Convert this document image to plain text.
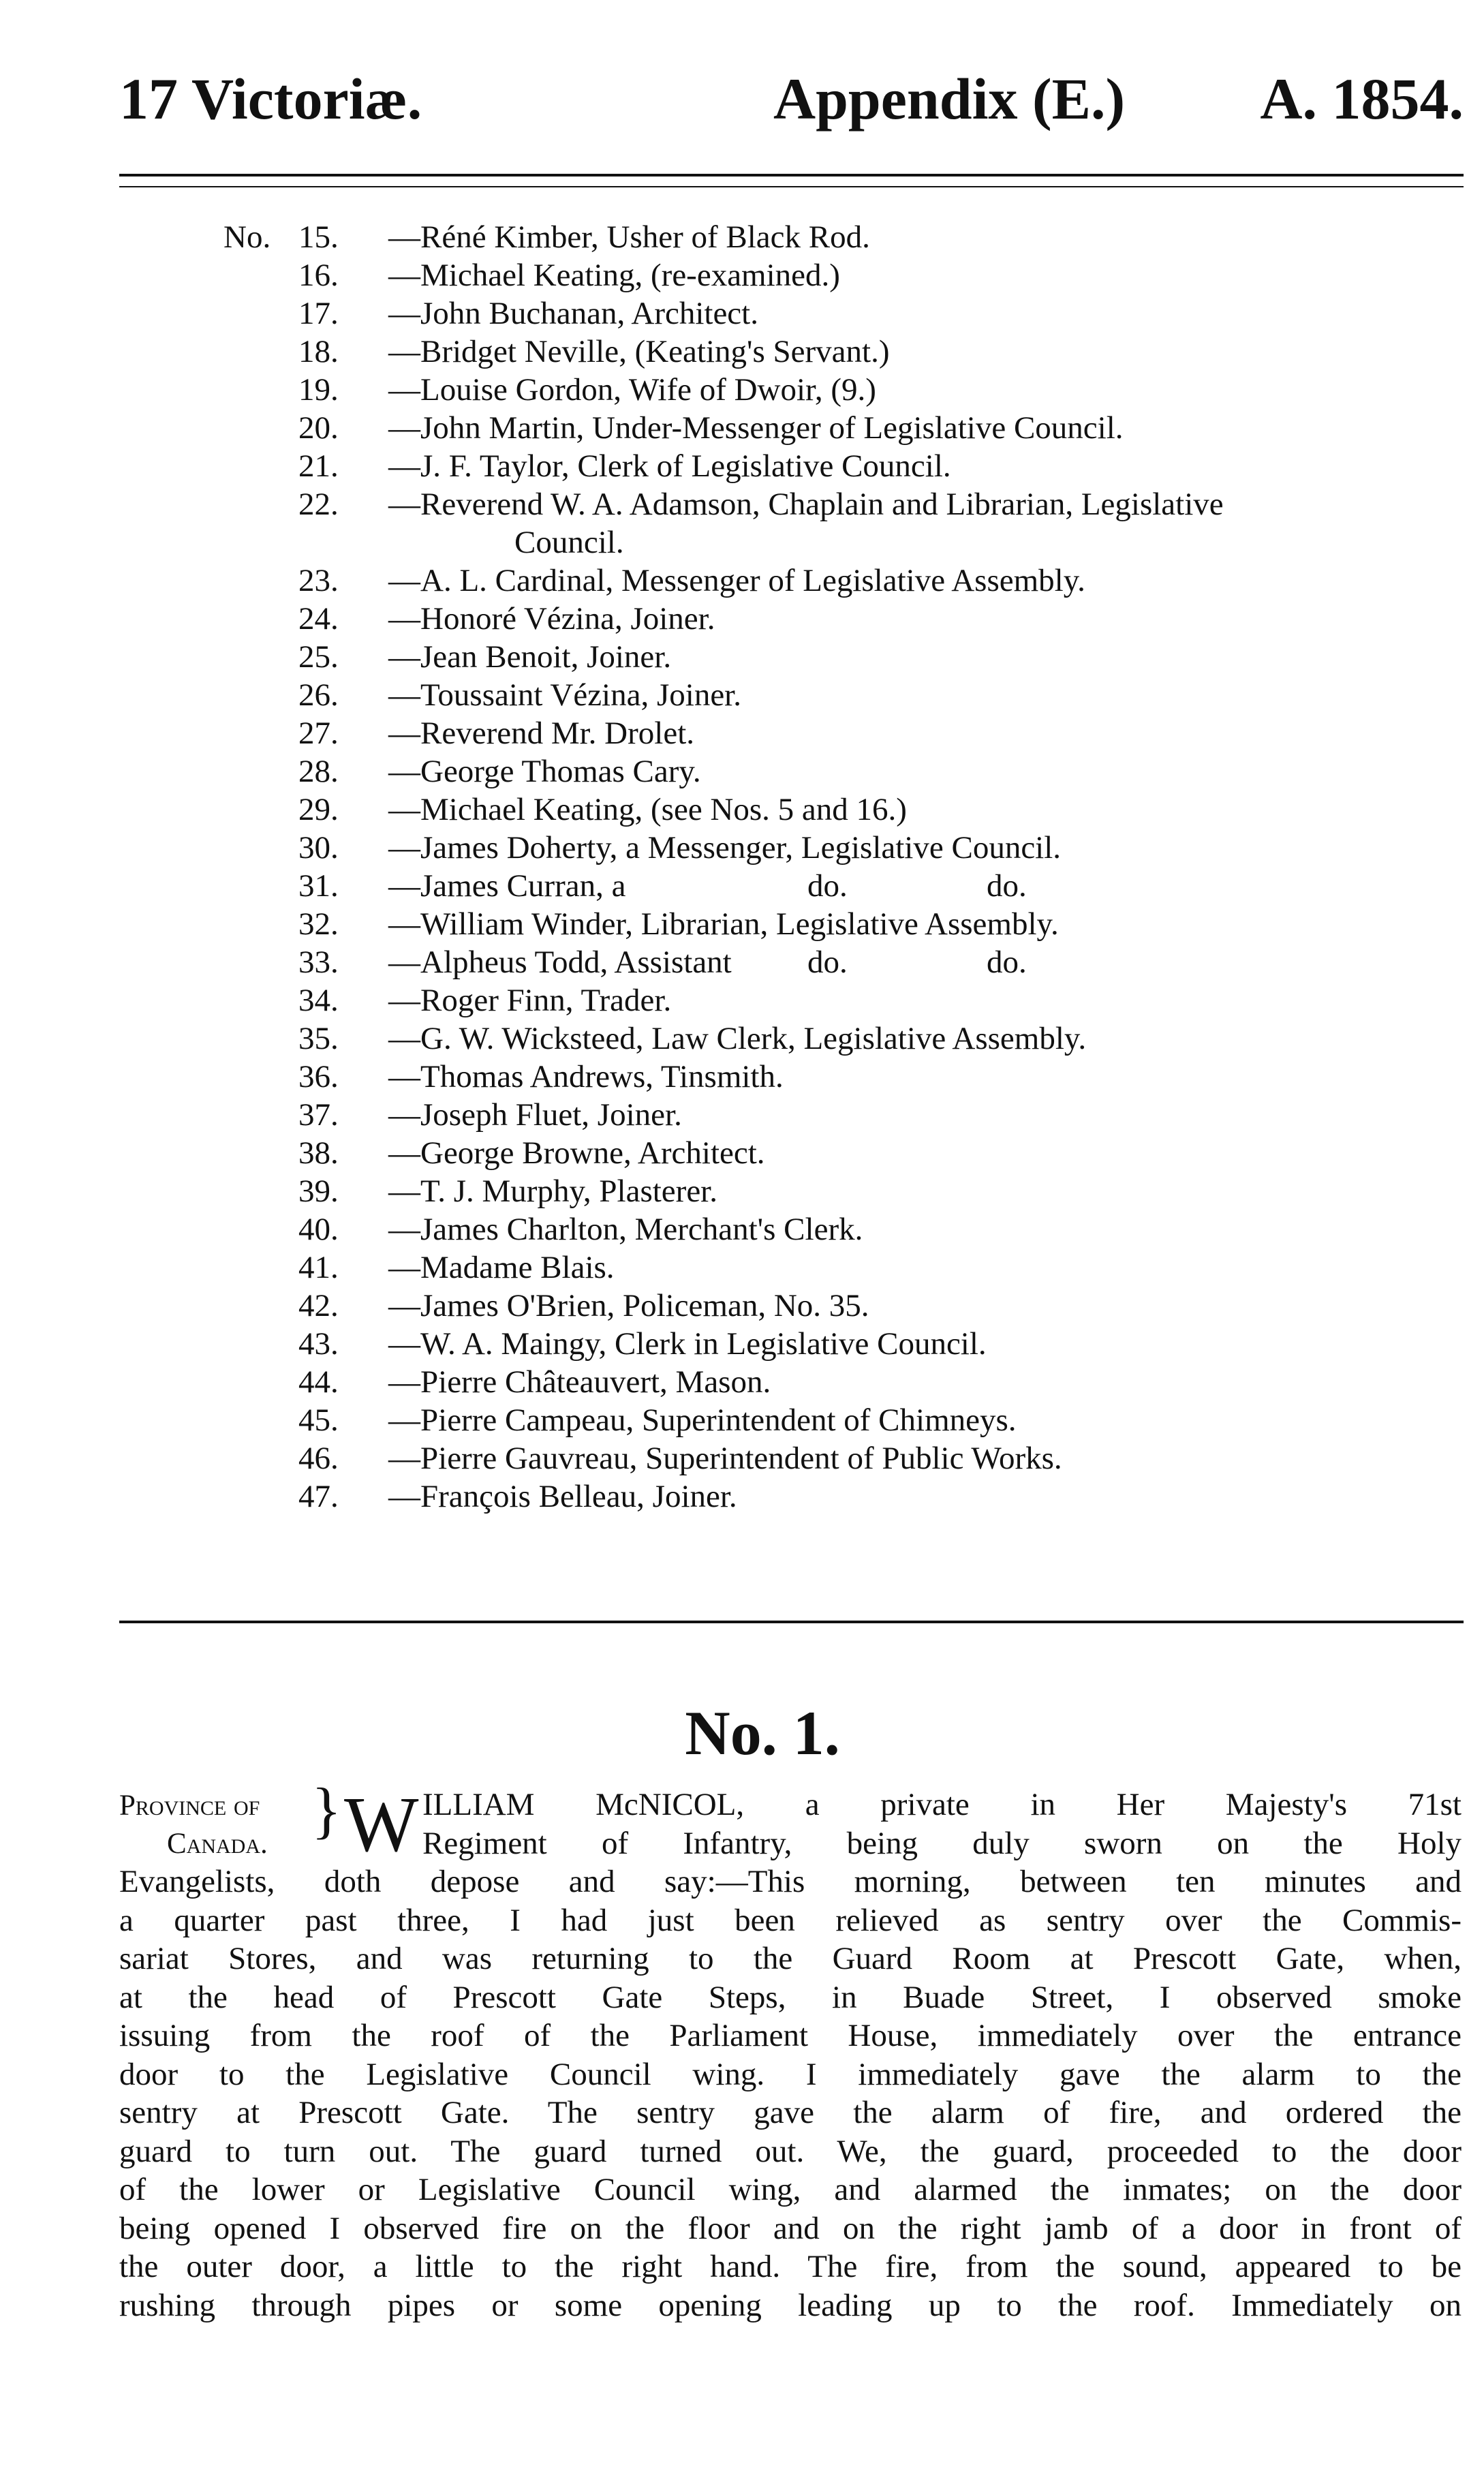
17 Victoriæ.	Appendix (E.) A. 1854.
No. 15. —Réné Kimber, Usher of Black Rod.
16. —Michael Keating, (re-examined.)
17. —John Buchanan, Architect.
18. —Bridget Neville, (Keating's Servant.)
19. —Louise Gordon, Wife of Dwoir, (9.)
20. —John Martin, Under-Messenger of Legislative Council.
21. —J. F. Taylor, Clerk of Legislative Council.
22. —Reverend W. A. Adamson, Chaplain and Librarian, Legislative
Council.
23. —A. L. Cardinal, Messenger of Legislative Assembly.
24. —Honoré Vézina, Joiner.
25. —Jean Benoit, Joiner.
26. —Toussaint Vézina, Joiner.
27. —Reverend Mr. Drolet.
28. —George Thomas Cary.
29. —Michael Keating, (see Nos. 5 and 16.)
30. —James Doherty, a Messenger, Legislative Council.
31. —James Curran, a	do.	do.
32. —William Winder, Librarian, Legislative Assembly.
33. —Alpheus Todd, Assistant do.	do.
34. —Roger Finn, Trader.
35. —G. W. Wicksteed, Law Clerk, Legislative Assembly.
36. —Thomas Andrews, Tinsmith.
37. —Joseph Fluet, Joiner.
38. —George Browne, Architect.
39. —T. J. Murphy, Plasterer.
40. —James Charlton, Merchant's Clerk.
41. —Madame Blais.
42. —James O'Brien, Policeman, No. 35.
43. —W. A. Maingy, Clerk in Legislative Council.
44. —Pierre Châteauvert, Mason.
45. —Pierre Campeau, Superintendent of Chimneys.
46. —Pierre Gauvreau, Superintendent of Public Works.
47. —François Belleau, Joiner.
No. 1.
Province of
Canada. } W ILLIAM McNICOL, a private in Her Majesty's 71st
Regiment of Infantry, being duly sworn on the Holy
Evangelists, doth depose and say:—This morning, between ten minutes and
a quarter past three, I had just been relieved as sentry over the Commis-
sariat Stores, and was returning to the Guard Room at Prescott Gate, when,
at the head of Prescott Gate Steps, in Buade Street, I observed smoke
issuing from the roof of the Parliament House, immediately over the entrance
door to the Legislative Council wing. I immediately gave the alarm to the
sentry at Prescott Gate. The sentry gave the alarm of fire, and ordered the
guard to turn out. The guard turned out. We, the guard, proceeded to the door
of the lower or Legislative Council wing, and alarmed the inmates; on the door
being opened I observed fire on the floor and on the right jamb of a door in front of
the outer door, a little to the right hand. The fire, from the sound, appeared to be
rushing through pipes or some opening leading up to the roof. Immediately on
